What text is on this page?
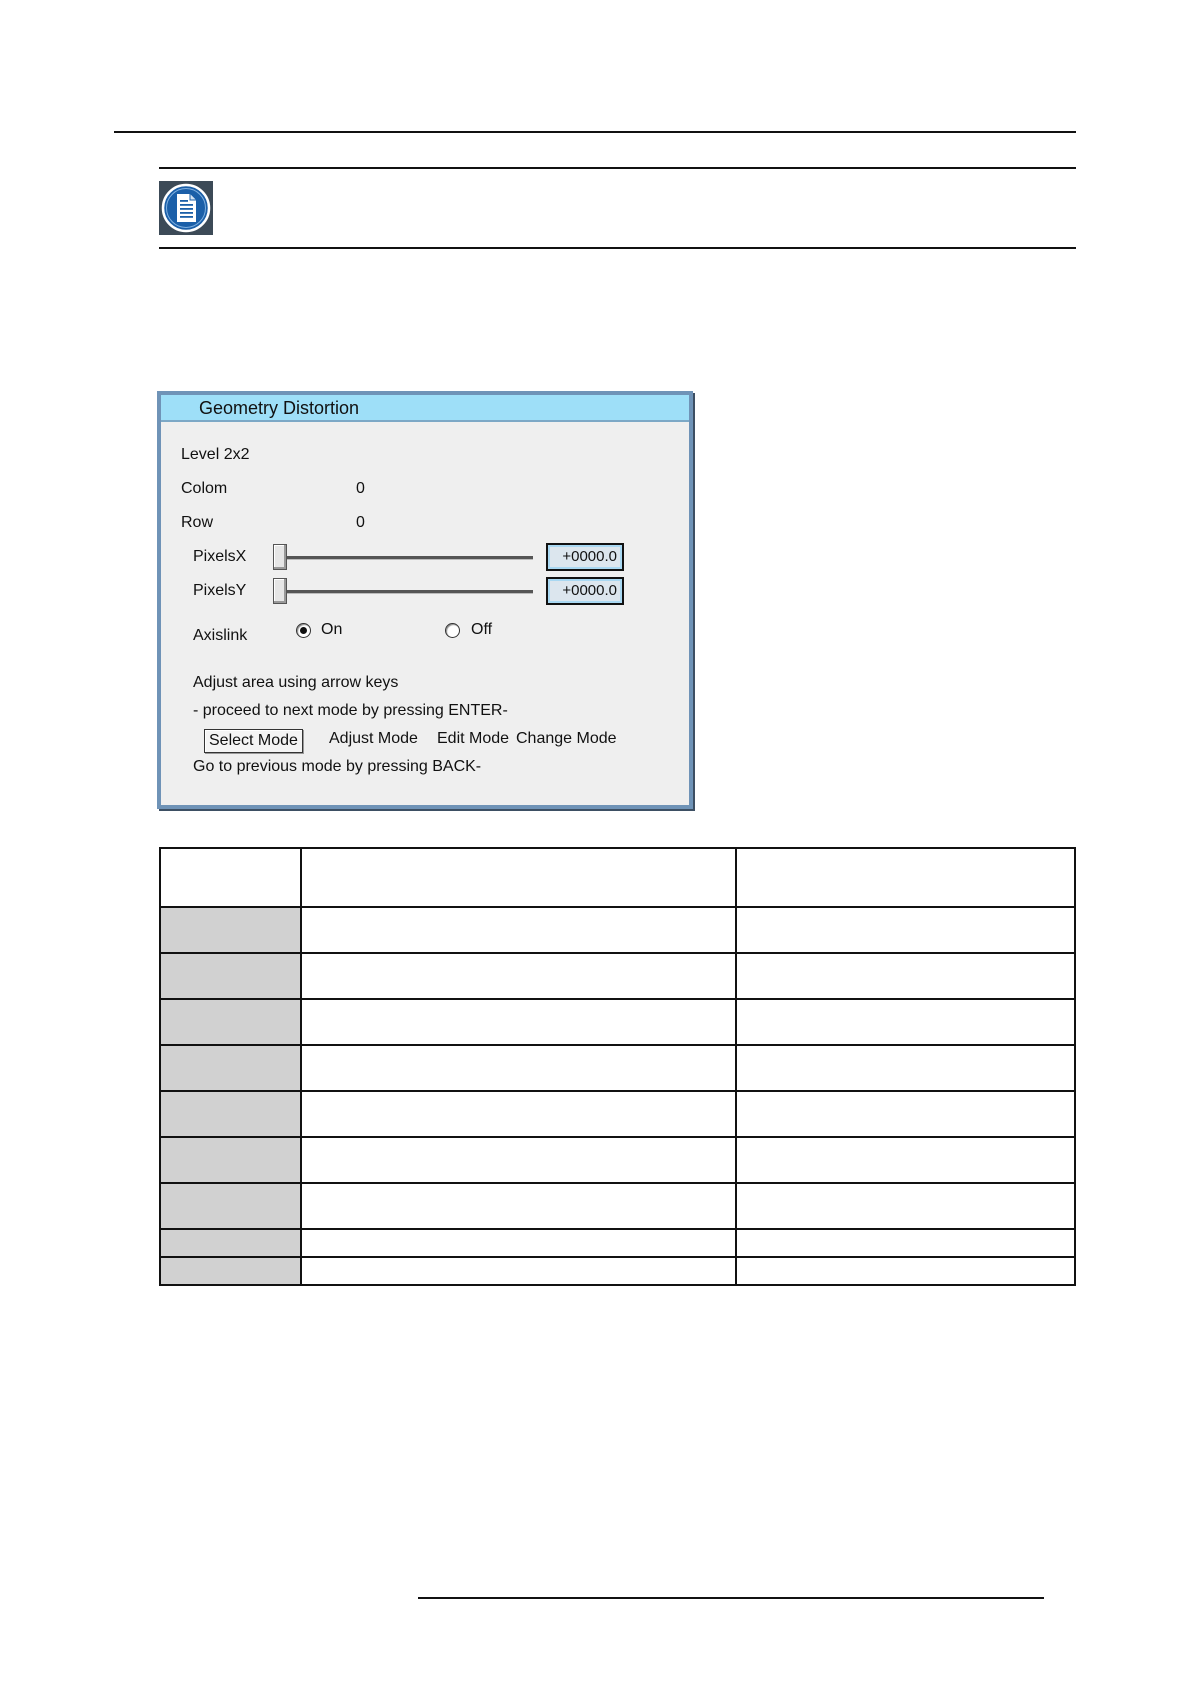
Geometry Distortion
Level 2x2
Colom	0
Row	0
PixelsX	+0000.0
PixelsY	+0000.0
Axislink	On	Off
Adjust area using arrow keys
- proceed to next mode by pressing ENTER-
Select Mode	Adjust Mode Edit Mode Change Mode
Go to previous mode by pressing BACK-
